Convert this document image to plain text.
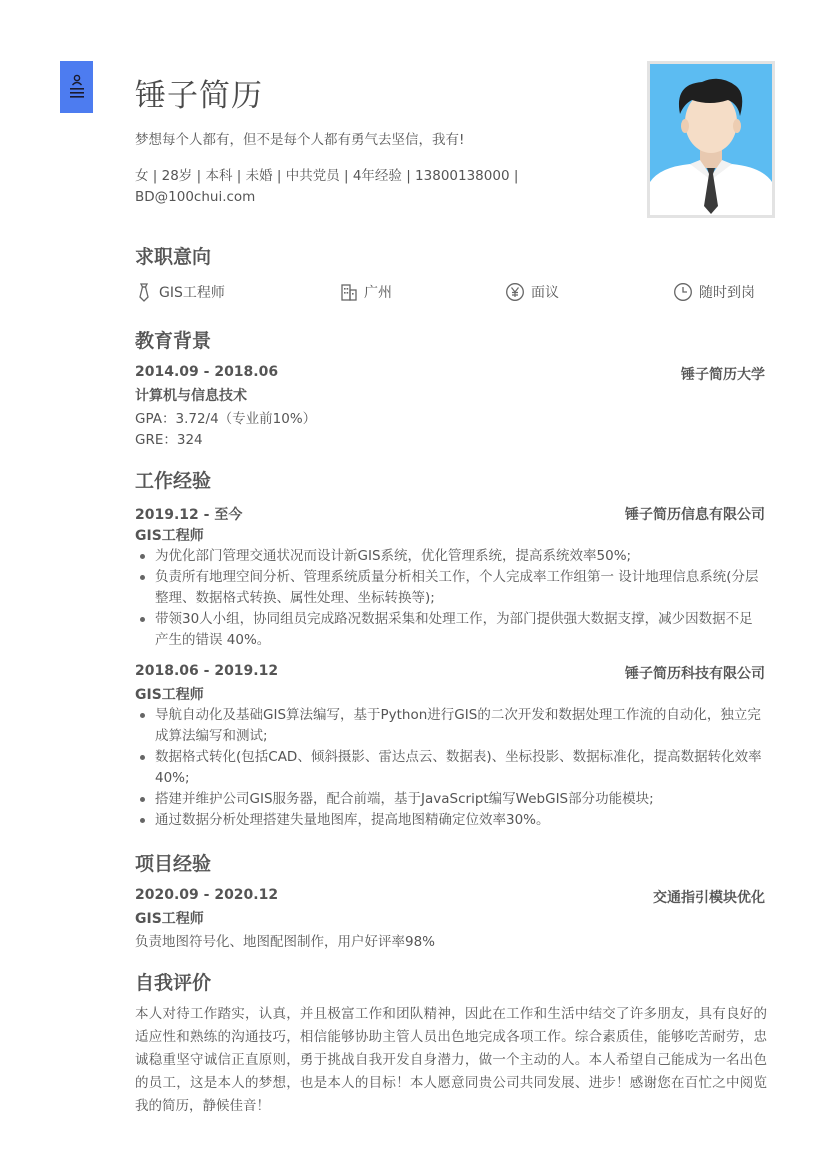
锤子简历
梦想每个人都有，但不是每个人都有勇气去坚信，我有!
女 | 28岁 | 本科 | 未婚 | 中共党员 | 4年经验 | 13800138000 | BD@100chui.com
求职意向
GIS工程师	广州	面议	随时到岗
教育背景
2014.09 - 2018.06	锤子简历大学
计算机与信息技术
GPA：3.72/4（专业前10%）
GRE：324
工作经验
2019.12 - 至今	锤子简历信息有限公司
GIS工程师
为优化部门管理交通状况而设计新GIS系统，优化管理系统，提高系统效率50%;
负责所有地理空间分析、管理系统质量分析相关工作，个人完成率工作组第一 设计地理信息系统(分层整理、数据格式转换、属性处理、坐标转换等);
带领30人小组，协同组员完成路况数据采集和处理工作，为部门提供强大数据支撑，减少因数据不足产生的错误 40%。
2018.06 - 2019.12	锤子简历科技有限公司
GIS工程师
导航自动化及基础GIS算法编写，基于Python进行GIS的二次开发和数据处理工作流的自动化，独立完成算法编写和测试;
数据格式转化(包括CAD、倾斜摄影、雷达点云、数据表)、坐标投影、数据标准化，提高数据转化效率40%;
搭建并维护公司GIS服务器，配合前端，基于JavaScript编写WebGIS部分功能模块;
通过数据分析处理搭建失量地图库，提高地图精确定位效率30%。
项目经验
2020.09 - 2020.12	交通指引模块优化
GIS工程师
负责地图符号化、地图配图制作，用户好评率98%
自我评价
本人对待工作踏实，认真，并且极富工作和团队精神，因此在工作和生活中结交了许多朋友，具有良好的适应性和熟练的沟通技巧，相信能够协助主管人员出色地完成各项工作。综合素质佳，能够吃苦耐劳，忠诚稳重坚守诚信正直原则，勇于挑战自我开发自身潜力，做一个主动的人。本人希望自己能成为一名出色的员工，这是本人的梦想，也是本人的目标！本人愿意同贵公司共同发展、进步！感谢您在百忙之中阅览我的简历，静候佳音！
